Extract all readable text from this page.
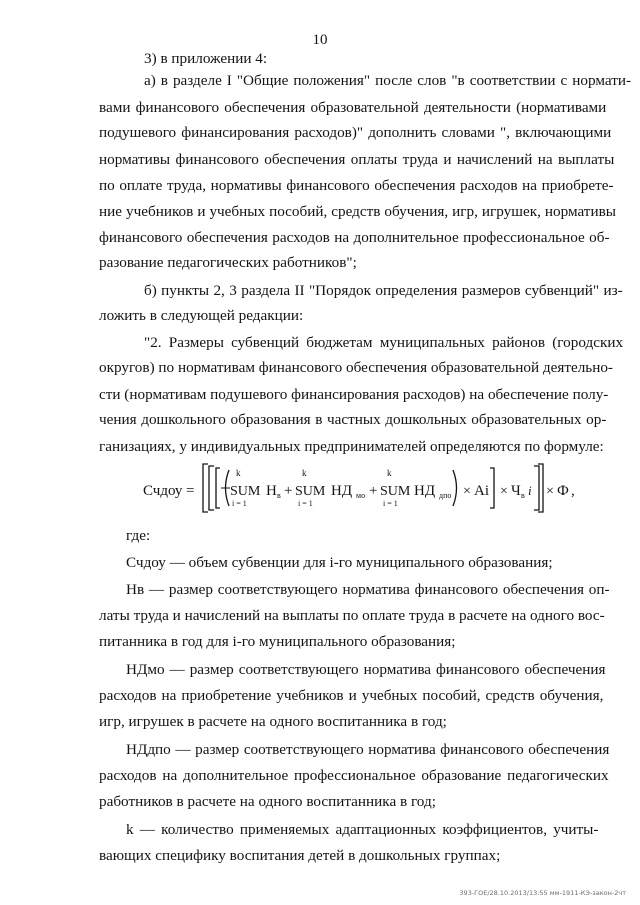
10
3) в приложении 4:
а) в разделе I "Общие положения" после слов "в соответствии с нормати-
вами финансового обеспечения образовательной деятельности (нормативами
подушевого финансирования расходов)" дополнить словами ", включающими
нормативы финансового обеспечения оплаты труда и начислений на выплаты
по оплате труда, нормативы финансового обеспечения расходов на приобрете-
ние учебников и учебных пособий, средств обучения, игр, игрушек, нормативы
финансового обеспечения расходов на дополнительное профессиональное об-
разование педагогических работников";
б) пункты 2, 3 раздела II "Порядок определения размеров субвенций" из-
ложить в следующей редакции:
"2. Размеры субвенций бюджетам муниципальных районов (городских
округов) по нормативам финансового обеспечения образовательной деятельно-
сти (нормативам подушевого финансирования расходов) на обеспечение полу-
чения дошкольного образования в частных дошкольных образовательных ор-
ганизациях, у индивидуальных предпринимателей определяются по формуле:
Счдоу =
k
SUM
i = 1
Н в +
k
SUM
i = 1
НД мо +
k
SUM
i = 1
НД дпо × Ai × Ч в i × Ф ,
где:
Счдоу — объем субвенции для i-го муниципального образования;
Нв — размер соответствующего норматива финансового обеспечения оп-
латы труда и начислений на выплаты по оплате труда в расчете на одного вос-
питанника в год для i-го муниципального образования;
НДмо — размер соответствующего норматива финансового обеспечения
расходов на приобретение учебников и учебных пособий, средств обучения,
игр, игрушек в расчете на одного воспитанника в год;
НДдпо — размер соответствующего норматива финансового обеспечения
расходов на дополнительное профессиональное образование педагогических
работников в расчете на одного воспитанника в год;
k — количество применяемых адаптационных коэффициентов, учиты-
вающих специфику воспитания детей в дошкольных группах;
393-ГОЕ/28.10.2013/13:55 мм-1911-КЭ-закон-2чт
